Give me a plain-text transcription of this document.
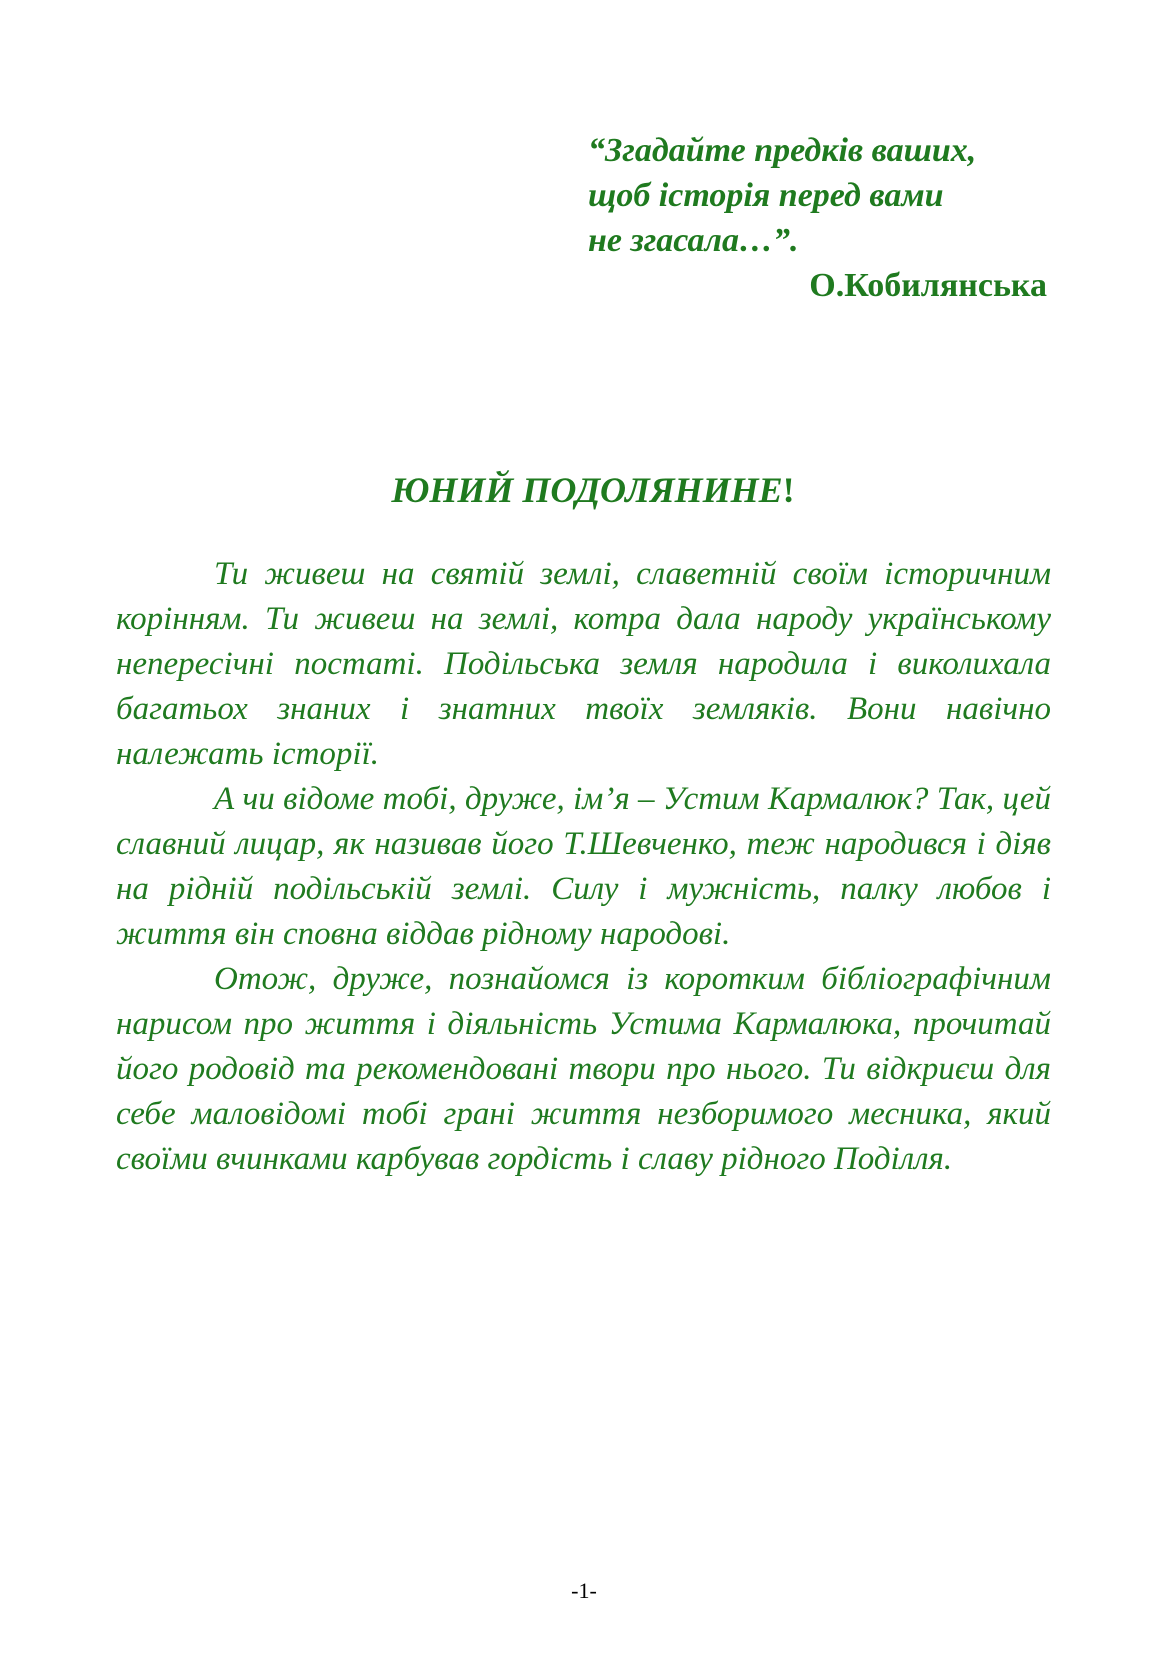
“Згадайте предків ваших,
щоб історія перед вами
не згасала…”.
О.Кобилянська
ЮНИЙ ПОДОЛЯНИНЕ!

Ти живеш на святій землі, славетній своїм історичним корінням. Ти живеш на землі, котра дала народу українському непересічні постаті. Подільська земля народила і виколихала багатьох знаних і знатних твоїх земляків. Вони навічно належать історії.

А чи відоме тобі, друже, ім’я – Устим Кармалюк? Так, цей славний лицар, як називав його Т.Шевченко, теж народився і діяв на рідній подільській землі. Силу і мужність, палку любов і життя він сповна віддав рідному народові.

Отож, друже, познайомся із коротким бібліографічним нарисом про життя і діяльність Устима Кармалюка, прочитай його родовід та рекомендовані твори про нього. Ти відкриєш для себе маловідомі тобі грані життя незборимого месника, який своїми вчинками карбував гордість і славу рідного Поділля.

-1-
